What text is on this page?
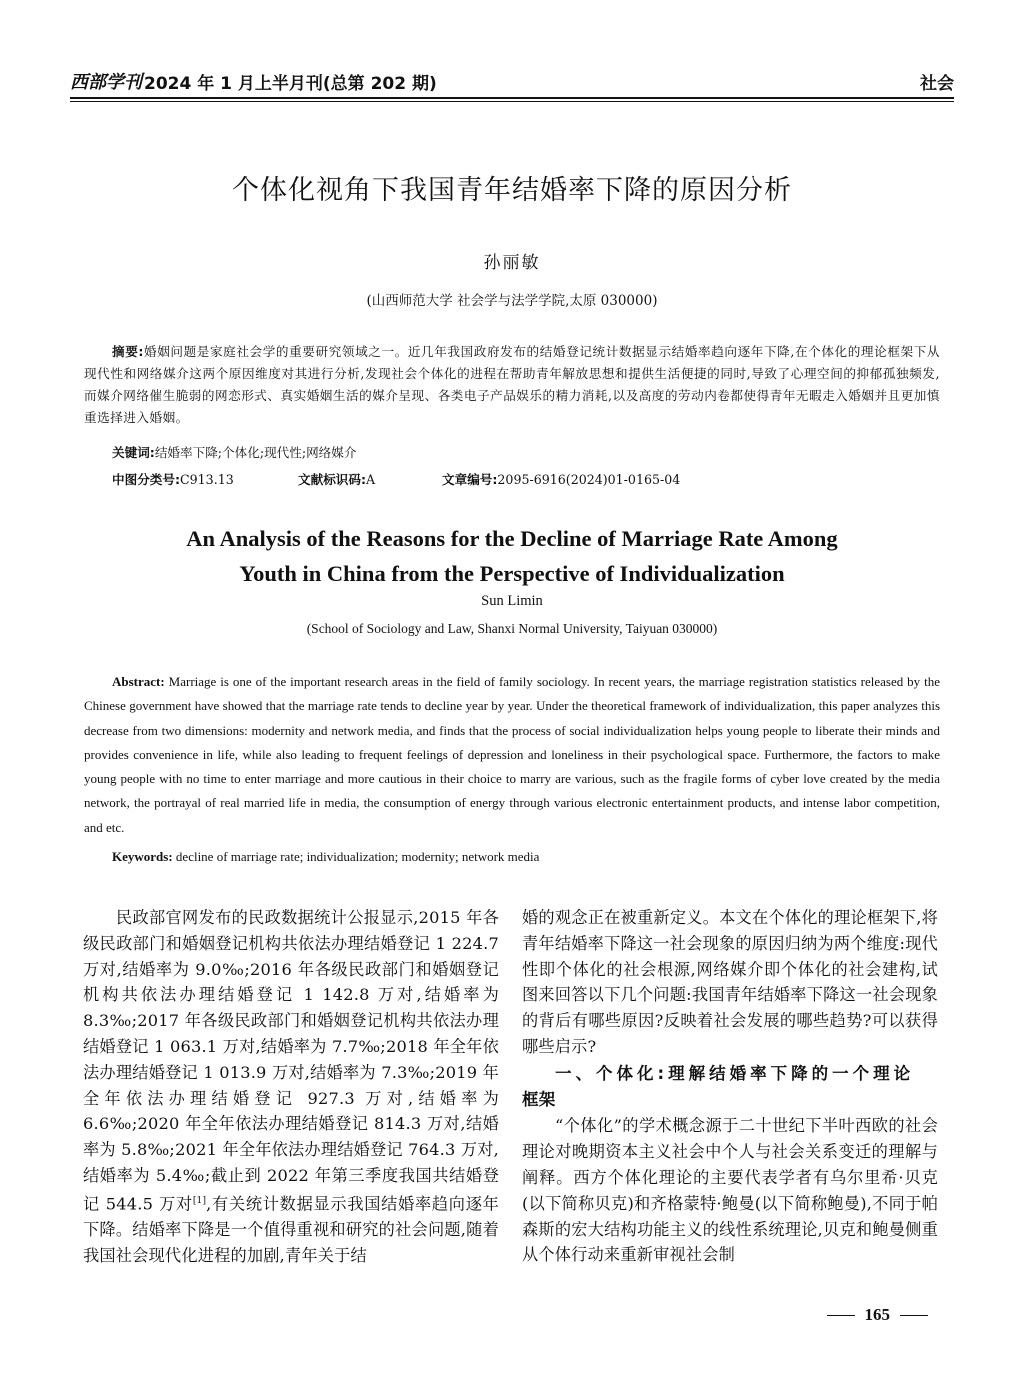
西部学刊 2024 年 1 月上半月刊(总第 202 期)	社会
个体化视角下我国青年结婚率下降的原因分析
孙丽敏
(山西师范大学 社会学与法学学院,太原 030000)
摘要:婚姻问题是家庭社会学的重要研究领域之一。近几年我国政府发布的结婚登记统计数据显示结婚率趋向逐年下降,在个体化的理论框架下从现代性和网络媒介这两个原因维度对其进行分析,发现社会个体化的进程在帮助青年解放思想和提供生活便捷的同时,导致了心理空间的抑郁孤独频发,而媒介网络催生脆弱的网恋形式、真实婚姻生活的媒介呈现、各类电子产品娱乐的精力消耗,以及高度的劳动内卷都使得青年无暇走入婚姻并且更加慎重选择进入婚姻。
关键词:结婚率下降;个体化;现代性;网络媒介
中图分类号:C913.13	文献标识码:A	文章编号:2095-6916(2024)01-0165-04
An Analysis of the Reasons for the Decline of Marriage Rate Among
Youth in China from the Perspective of Individualization
Sun Limin
(School of Sociology and Law, Shanxi Normal University, Taiyuan 030000)
Abstract: Marriage is one of the important research areas in the field of family sociology. In recent years, the marriage registration statistics released by the Chinese government have showed that the marriage rate tends to decline year by year. Under the theoretical framework of individualization, this paper analyzes this decrease from two dimensions: modernity and network media, and finds that the process of social individualization helps young people to liberate their minds and provides convenience in life, while also leading to frequent feelings of depression and loneliness in their psychological space. Furthermore, the factors to make young people with no time to enter marriage and more cautious in their choice to marry are various, such as the fragile forms of cyber love created by the media network, the portrayal of real married life in media, the consumption of energy through various electronic entertainment products, and intense labor competition, and etc.
Keywords: decline of marriage rate; individualization; modernity; network media

民政部官网发布的民政数据统计公报显示,2015 年各级民政部门和婚姻登记机构共依法办理结婚登记 1 224.7 万对,结婚率为 9.0‰;2016 年各级民政部门和婚姻登记机构共依法办理结婚登记 1 142.8 万对,结婚率为 8.3‰;2017 年各级民政部门和婚姻登记机构共依法办理结婚登记 1 063.1 万对,结婚率为 7.7‰;2018 年全年依法办理结婚登记 1 013.9 万对,结婚率为 7.3‰;2019 年全年依法办理结婚登记 927.3 万对,结婚率为 6.6‰;2020 年全年依法办理结婚登记 814.3 万对,结婚率为 5.8‰;2021 年全年依法办理结婚登记 764.3 万对,结婚率为 5.4‰;截止到 2022 年第三季度我国共结婚登记 544.5 万对[1],有关统计数据显示我国结婚率趋向逐年下降。结婚率下降是一个值得重视和研究的社会问题,随着我国社会现代化进程的加剧,青年关于结

婚的观念正在被重新定义。本文在个体化的理论框架下,将青年结婚率下降这一社会现象的原因归纳为两个维度:现代性即个体化的社会根源,网络媒介即个体化的社会建构,试图来回答以下几个问题:我国青年结婚率下降这一社会现象的背后有哪些原因?反映着社会发展的哪些趋势?可以获得哪些启示?

一、个体化:理解结婚率下降的一个理论
框架

“个体化”的学术概念源于二十世纪下半叶西欧的社会理论对晚期资本主义社会中个人与社会关系变迁的理解与阐释。西方个体化理论的主要代表学者有乌尔里希·贝克(以下简称贝克)和齐格蒙特·鲍曼(以下简称鲍曼),不同于帕森斯的宏大结构功能主义的线性系统理论,贝克和鲍曼侧重从个体行动来重新审视社会制

165
